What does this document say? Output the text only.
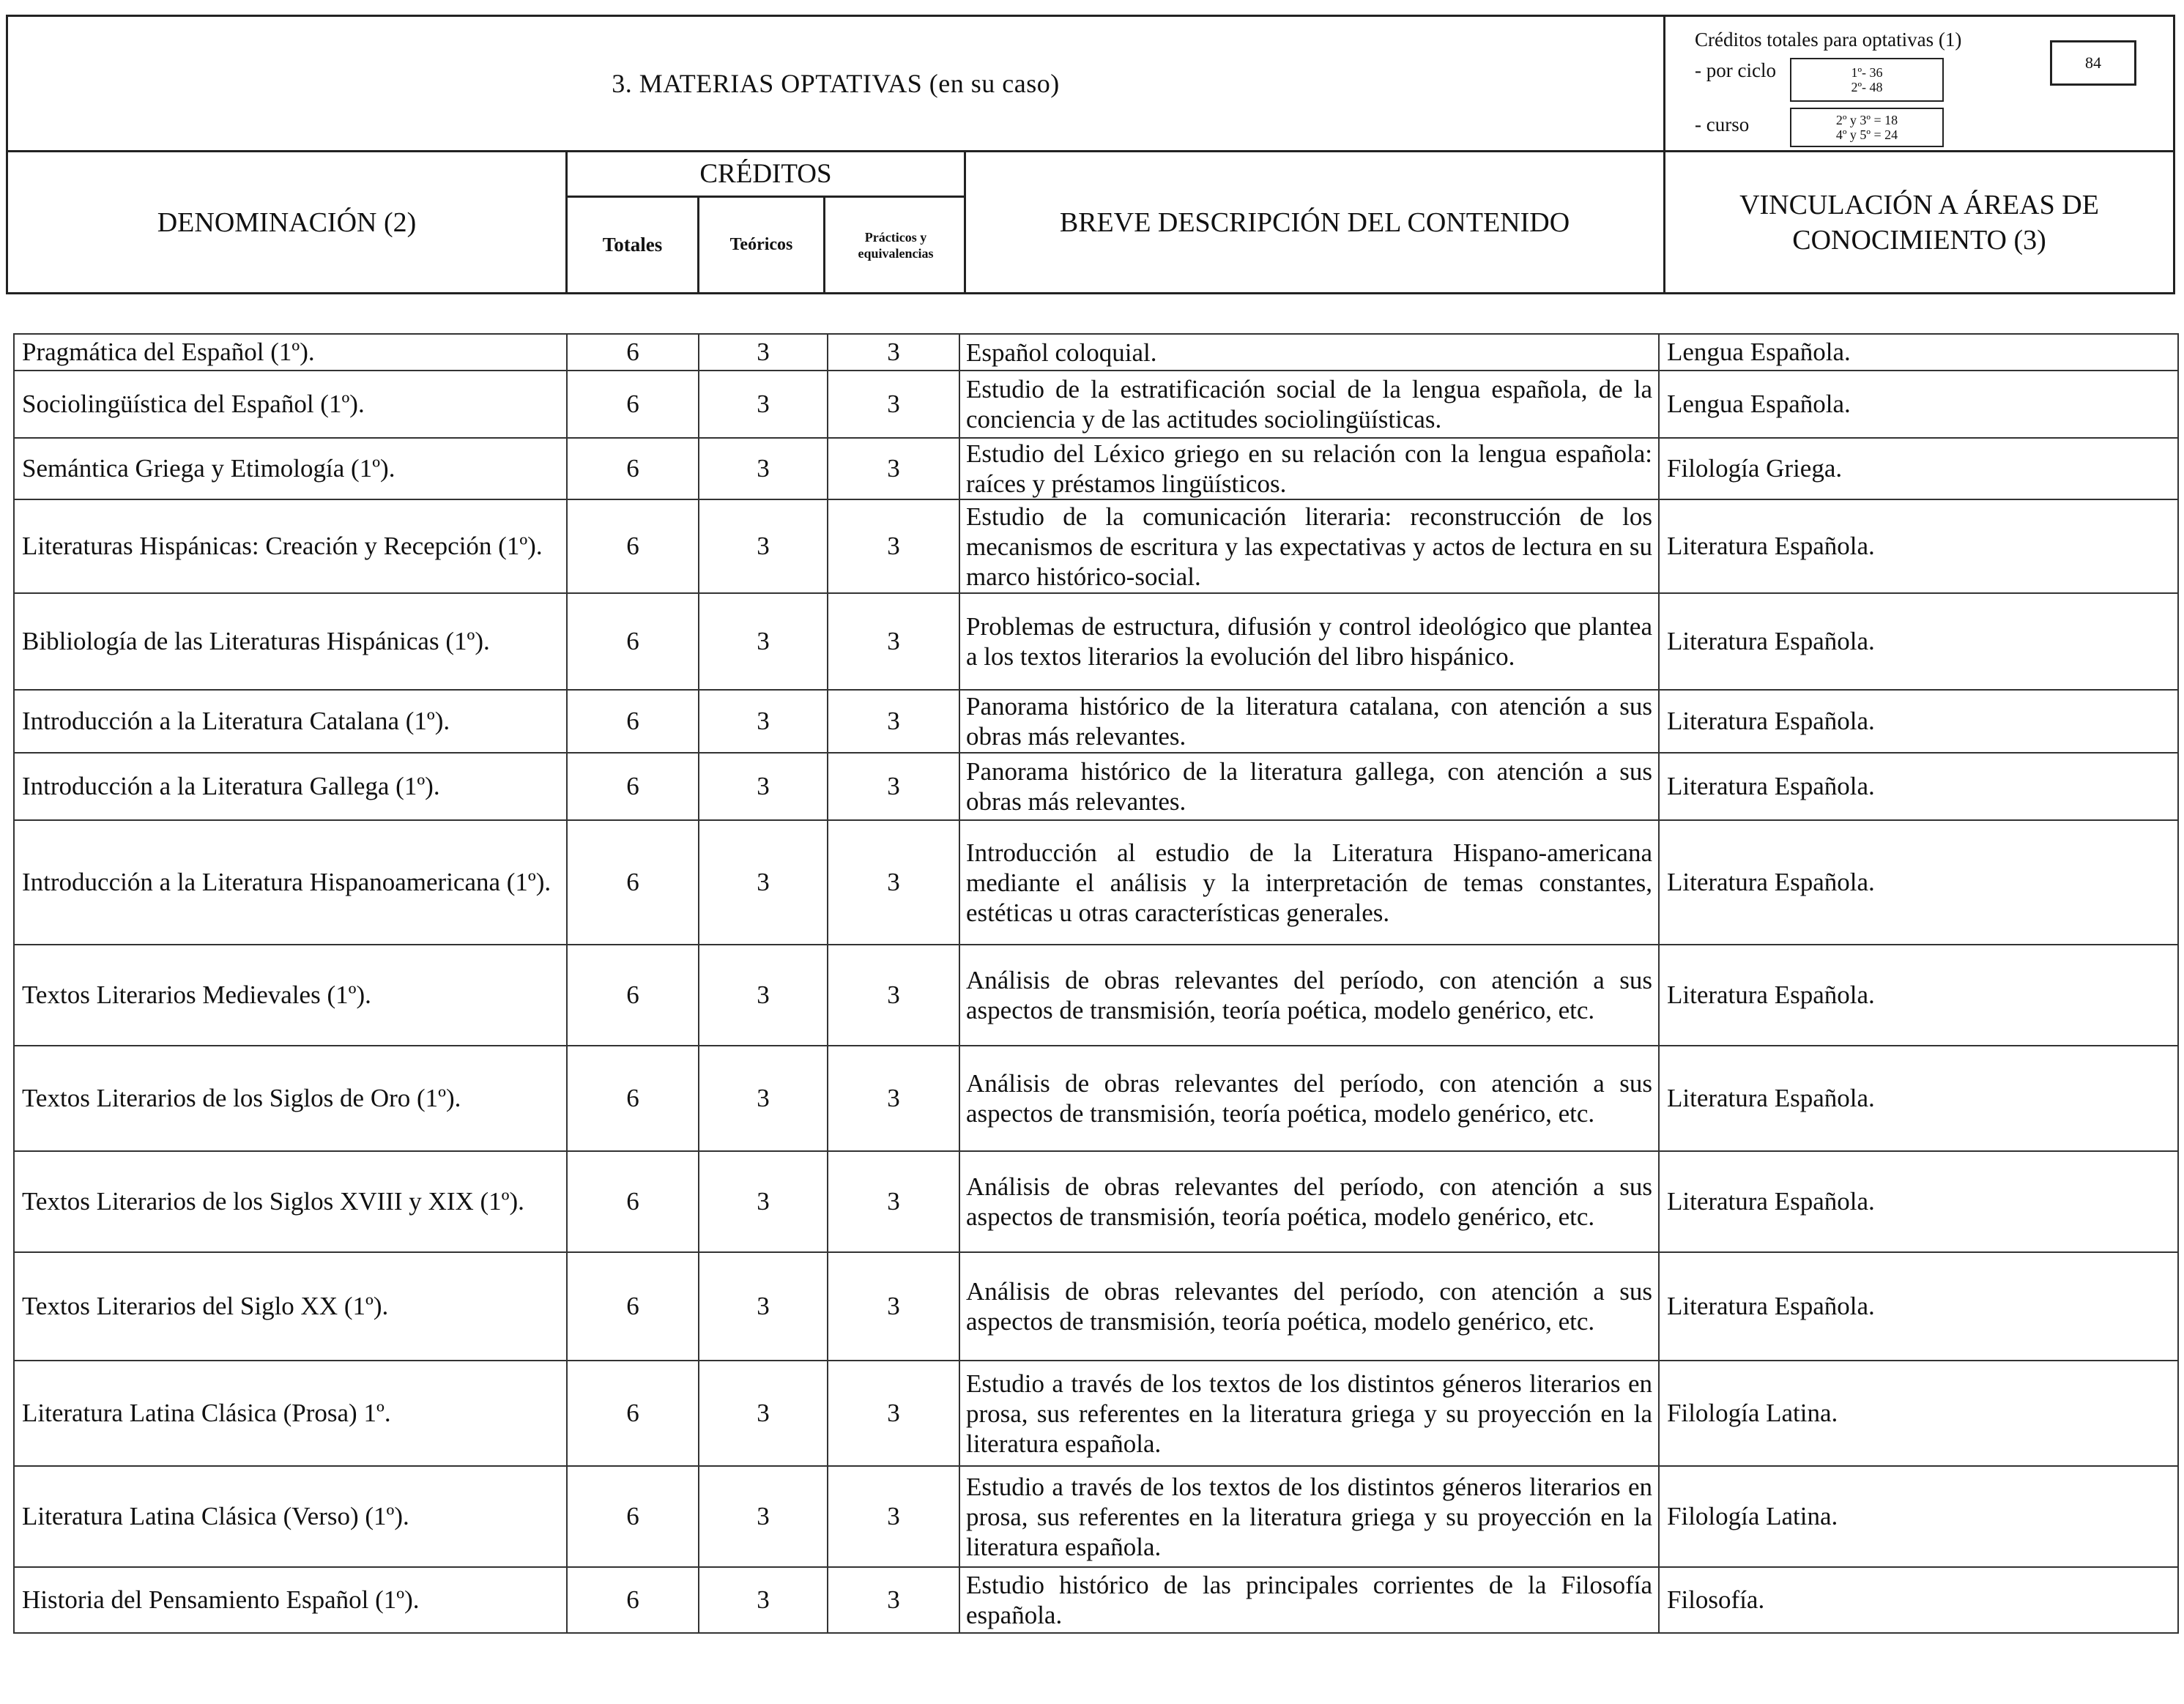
3. MATERIAS OPTATIVAS (en su caso)
Créditos totales para optativas (1)
84
- por ciclo	1º- 36
2º- 48
- curso	2º y 3º = 18
4º y 5º = 24
DENOMINACIÓN (2)
CRÉDITOS
Totales	Teóricos	Prácticos y
equivalencias
BREVE DESCRIPCIÓN DEL CONTENIDO
VINCULACIÓN A ÁREAS DE
CONOCIMIENTO (3)
Pragmática del Español (1º).	6	3	3	Español coloquial.	Lengua Española.
Sociolingüística del Español (1º).	6	3	3	Estudio de la estratificación social de la lengua española, de la conciencia y de las actitudes sociolingüísticas.	Lengua Española.
Semántica Griega y Etimología (1º).	6	3	3	Estudio del Léxico griego en su relación con la lengua española: raíces y préstamos lingüísticos.	Filología Griega.
Literaturas Hispánicas: Creación y Recepción (1º).	6	3	3	Estudio de la comunicación literaria: reconstrucción de los mecanismos de escritura y las expectativas y actos de lectura en su marco histórico-social.	Literatura Española.
Bibliología de las Literaturas Hispánicas (1º).	6	3	3	Problemas de estructura, difusión y control ideológico que plantea a los textos literarios la evolución del libro hispánico.	Literatura Española.
Introducción a la Literatura Catalana (1º).	6	3	3	Panorama histórico de la literatura catalana, con atención a sus obras más relevantes.	Literatura Española.
Introducción a la Literatura Gallega (1º).	6	3	3	Panorama histórico de la literatura gallega, con atención a sus obras más relevantes.	Literatura Española.
Introducción a la Literatura Hispanoamericana (1º).	6	3	3	Introducción al estudio de la Literatura Hispano-americana mediante el análisis y la interpretación de temas constantes, estéticas u otras características generales.	Literatura Española.
Textos Literarios Medievales (1º).	6	3	3	Análisis de obras relevantes del período, con atención a sus aspectos de transmisión, teoría poética, modelo genérico, etc.	Literatura Española.
Textos Literarios de los Siglos de Oro (1º).	6	3	3	Análisis de obras relevantes del período, con atención a sus aspectos de transmisión, teoría poética, modelo genérico, etc.	Literatura Española.
Textos Literarios de los Siglos XVIII y XIX (1º).	6	3	3	Análisis de obras relevantes del período, con atención a sus aspectos de transmisión, teoría poética, modelo genérico, etc.	Literatura Española.
Textos Literarios del Siglo XX (1º).	6	3	3	Análisis de obras relevantes del período, con atención a sus aspectos de transmisión, teoría poética, modelo genérico, etc.	Literatura Española.
Literatura Latina Clásica (Prosa) 1º.	6	3	3	Estudio a través de los textos de los distintos géneros literarios en prosa, sus referentes en la literatura griega y su proyección en la literatura española.	Filología Latina.
Literatura Latina Clásica (Verso) (1º).	6	3	3	Estudio a través de los textos de los distintos géneros literarios en prosa, sus referentes en la literatura griega y su proyección en la literatura española.	Filología Latina.
Historia del Pensamiento Español (1º).	6	3	3	Estudio histórico de las principales corrientes de la Filosofía española.	Filosofía.
